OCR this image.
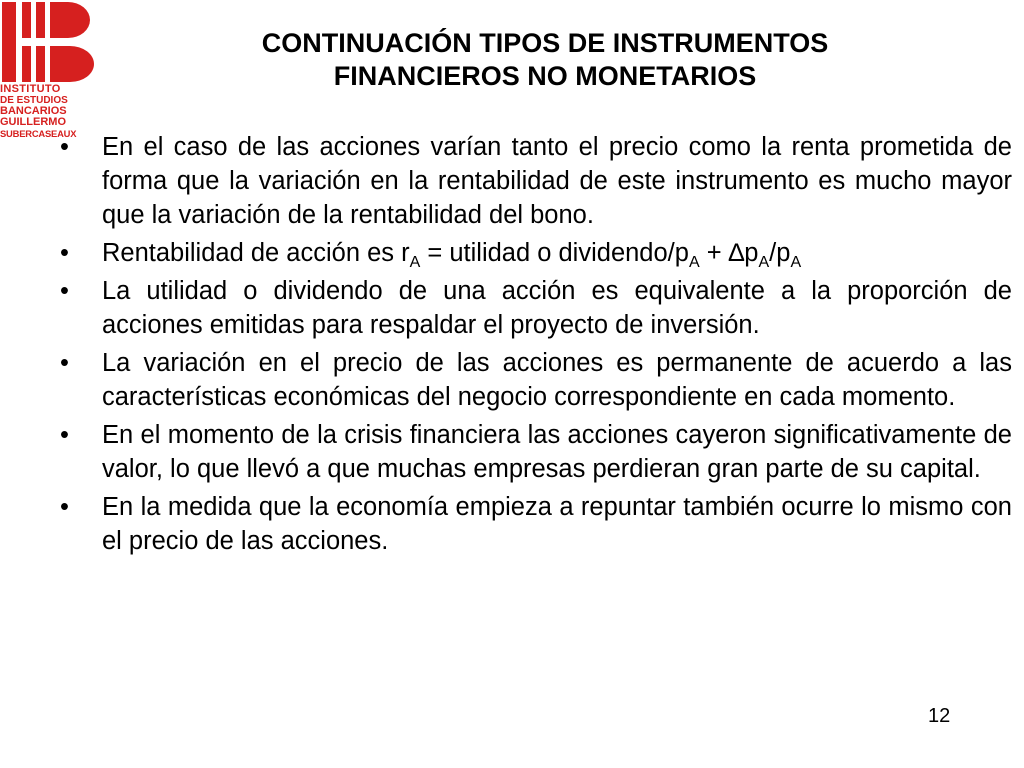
INSTITUTO
DE ESTUDIOS
BANCARIOS
GUILLERMO
SUBERCASEAUX
CONTINUACIÓN TIPOS DE INSTRUMENTOS
FINANCIEROS NO MONETARIOS
•	En el caso de las acciones varían tanto el precio como la renta prometida de forma que la variación en la rentabilidad de este instrumento es mucho mayor que la variación de la rentabilidad del bono.
•	Rentabilidad de acción es $r_A$ = utilidad o dividendo/$p_A + \Delta p_A/p_A$
•	La utilidad o dividendo de una acción es equivalente a la proporción de acciones emitidas para respaldar el proyecto de inversión.
•	La variación en el precio de las acciones es permanente de acuerdo a las características económicas del negocio correspondiente en cada momento.
•	En el momento de la crisis financiera las acciones cayeron significativamente de valor, lo que llevó a que muchas empresas perdieran gran parte de su capital.
•	En la medida que la economía empieza a repuntar también ocurre lo mismo con el precio de las acciones.
12
